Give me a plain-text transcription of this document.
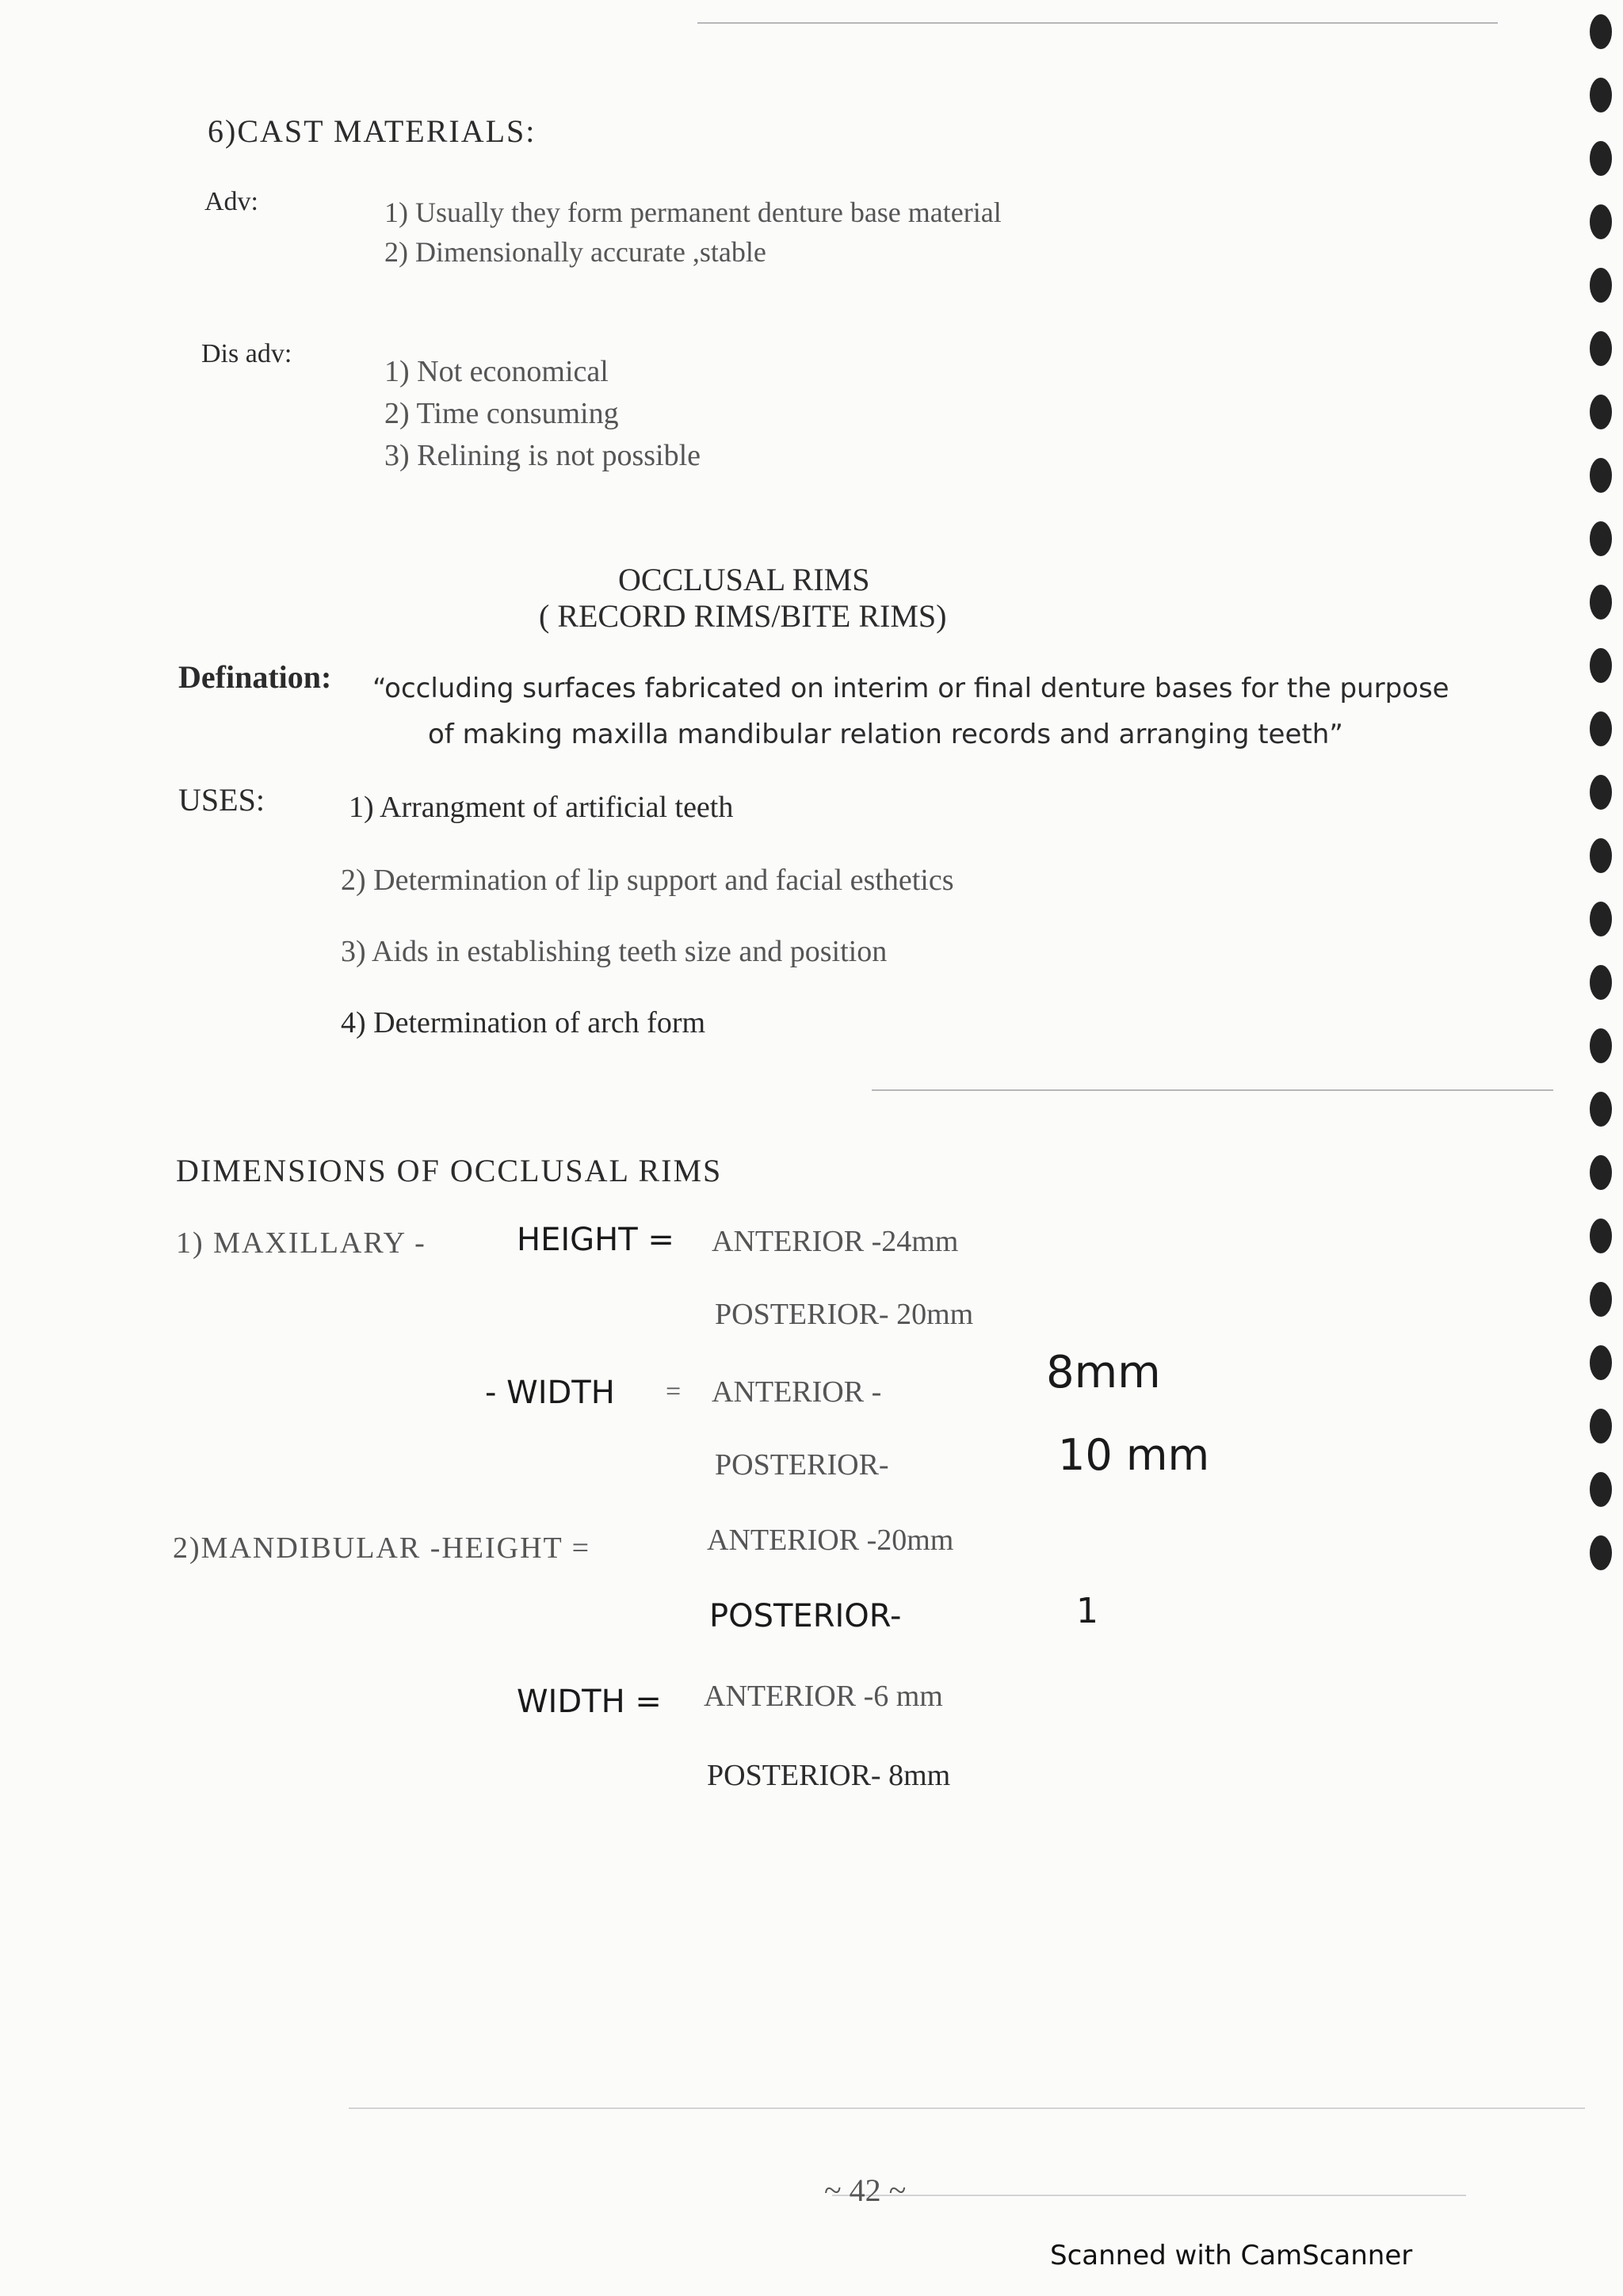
6)CAST MATERIALS:
Adv:	1) Usually they form permanent denture base material
2) Dimensionally accurate ,stable
Dis adv:
1) Not economical
2) Time consuming
3) Relining is not possible
OCCLUSAL RIMS
( RECORD RIMS/BITE RIMS)
Defination: “occluding surfaces fabricated on interim or final denture bases for the purpose
of making maxilla mandibular relation records and arranging teeth”
USES:	1) Arrangment of artificial teeth
2) Determination of lip support and facial esthetics
3) Aids in establishing teeth size and position
4) Determination of arch form
DIMENSIONS OF OCCLUSAL RIMS
1) MAXILLARY -	HEIGHT = ANTERIOR -24mm
POSTERIOR- 20mm
- WIDTH = ANTERIOR -	8mm
POSTERIOR-	10 mm
2)MANDIBULAR -HEIGHT =	ANTERIOR -20mm
POSTERIOR-	1
WIDTH = ANTERIOR -6 mm
POSTERIOR- 8mm
~ 42 ~
Scanned with CamScanner
